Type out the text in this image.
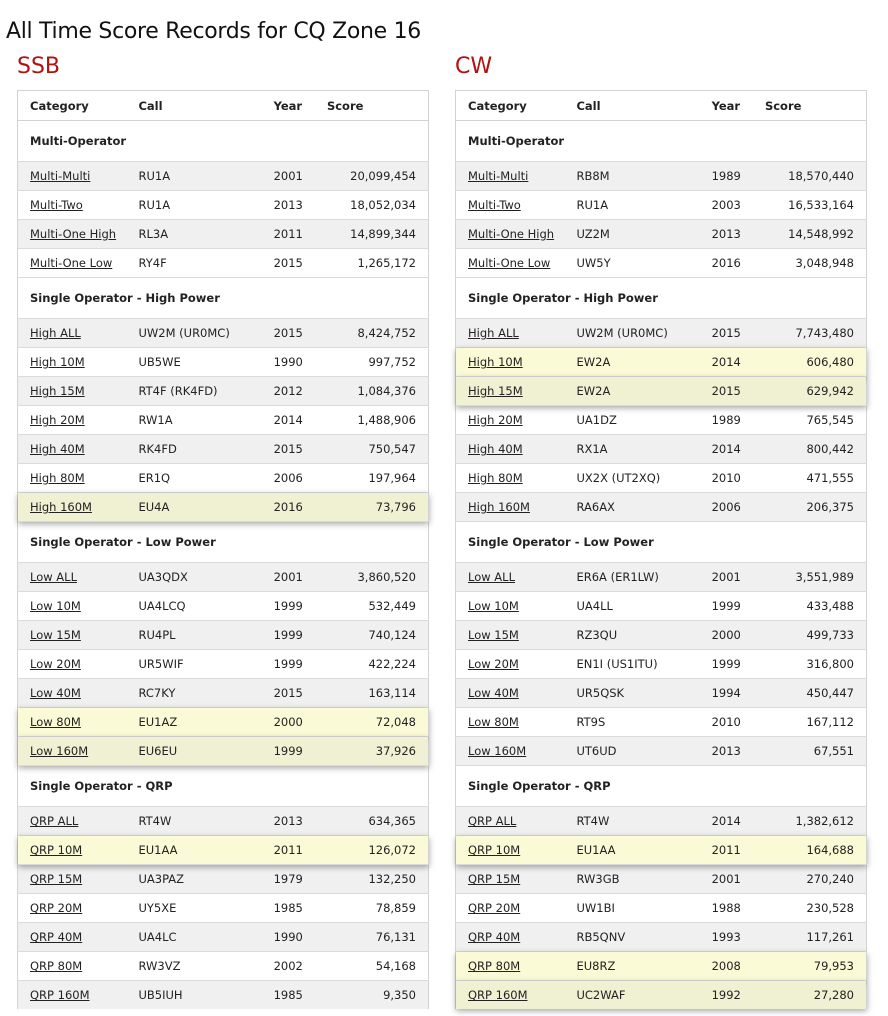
All Time Score Records for CQ Zone 16
SSB
Category	Call	Year	Score
Multi-Operator			
Multi-Multi	RU1A	2001	20,099,454
Multi-Two	RU1A	2013	18,052,034
Multi-One High	RL3A	2011	14,899,344
Multi-One Low	RY4F	2015	1,265,172
Single Operator - High Power			
High ALL	UW2M (UR0MC)	2015	8,424,752
High 10M	UB5WE	1990	997,752
High 15M	RT4F (RK4FD)	2012	1,084,376
High 20M	RW1A	2014	1,488,906
High 40M	RK4FD	2015	750,547
High 80M	ER1Q	2006	197,964
High 160M	EU4A	2016	73,796
Single Operator - Low Power			
Low ALL	UA3QDX	2001	3,860,520
Low 10M	UA4LCQ	1999	532,449
Low 15M	RU4PL	1999	740,124
Low 20M	UR5WIF	1999	422,224
Low 40M	RC7KY	2015	163,114
Low 80M	EU1AZ	2000	72,048
Low 160M	EU6EU	1999	37,926
Single Operator - QRP			
QRP ALL	RT4W	2013	634,365
QRP 10M	EU1AA	2011	126,072
QRP 15M	UA3PAZ	1979	132,250
QRP 20M	UY5XE	1985	78,859
QRP 40M	UA4LC	1990	76,131
QRP 80M	RW3VZ	2002	54,168
QRP 160M	UB5IUH	1985	9,350
CW
Category	Call	Year	Score
Multi-Operator			
Multi-Multi	RB8M	1989	18,570,440
Multi-Two	RU1A	2003	16,533,164
Multi-One High	UZ2M	2013	14,548,992
Multi-One Low	UW5Y	2016	3,048,948
Single Operator - High Power			
High ALL	UW2M (UR0MC)	2015	7,743,480
High 10M	EW2A	2014	606,480
High 15M	EW2A	2015	629,942
High 20M	UA1DZ	1989	765,545
High 40M	RX1A	2014	800,442
High 80M	UX2X (UT2XQ)	2010	471,555
High 160M	RA6AX	2006	206,375
Single Operator - Low Power			
Low ALL	ER6A (ER1LW)	2001	3,551,989
Low 10M	UA4LL	1999	433,488
Low 15M	RZ3QU	2000	499,733
Low 20M	EN1I (US1ITU)	1999	316,800
Low 40M	UR5QSK	1994	450,447
Low 80M	RT9S	2010	167,112
Low 160M	UT6UD	2013	67,551
Single Operator - QRP			
QRP ALL	RT4W	2014	1,382,612
QRP 10M	EU1AA	2011	164,688
QRP 15M	RW3GB	2001	270,240
QRP 20M	UW1BI	1988	230,528
QRP 40M	RB5QNV	1993	117,261
QRP 80M	EU8RZ	2008	79,953
QRP 160M	UC2WAF	1992	27,280
